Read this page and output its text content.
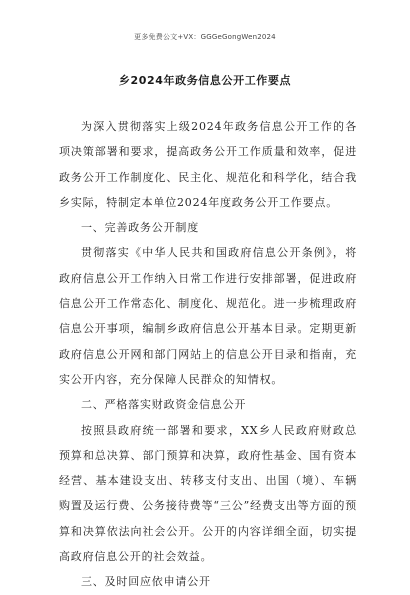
更多免费公文+VX：GGGeGongWen2024
乡2024年政务信息公开工作要点

为深入贯彻落实上级2024年政务信息公开工作的各项决策部署和要求，提高政务公开工作质量和效率，促进政务公开工作制度化、民主化、规范化和科学化，结合我乡实际，特制定本单位2024年度政务公开工作要点。

一、完善政务公开制度

贯彻落实《中华人民共和国政府信息公开条例》，将政府信息公开工作纳入日常工作进行安排部署，促进政府信息公开工作常态化、制度化、规范化。进一步梳理政府信息公开事项，编制乡政府信息公开基本目录。定期更新政府信息公开网和部门网站上的信息公开目录和指南，充实公开内容，充分保障人民群众的知情权。

二、严格落实财政资金信息公开

按照县政府统一部署和要求，XX乡人民政府财政总预算和总决算、部门预算和决算，政府性基金、国有资本经营、基本建设支出、转移支付支出、出国（境）、车辆购置及运行费、公务接待费等“三公”经费支出等方面的预算和决算依法向社会公开。公开的内容详细全面，切实提高政府信息公开的社会效益。

三、及时回应依申请公开
